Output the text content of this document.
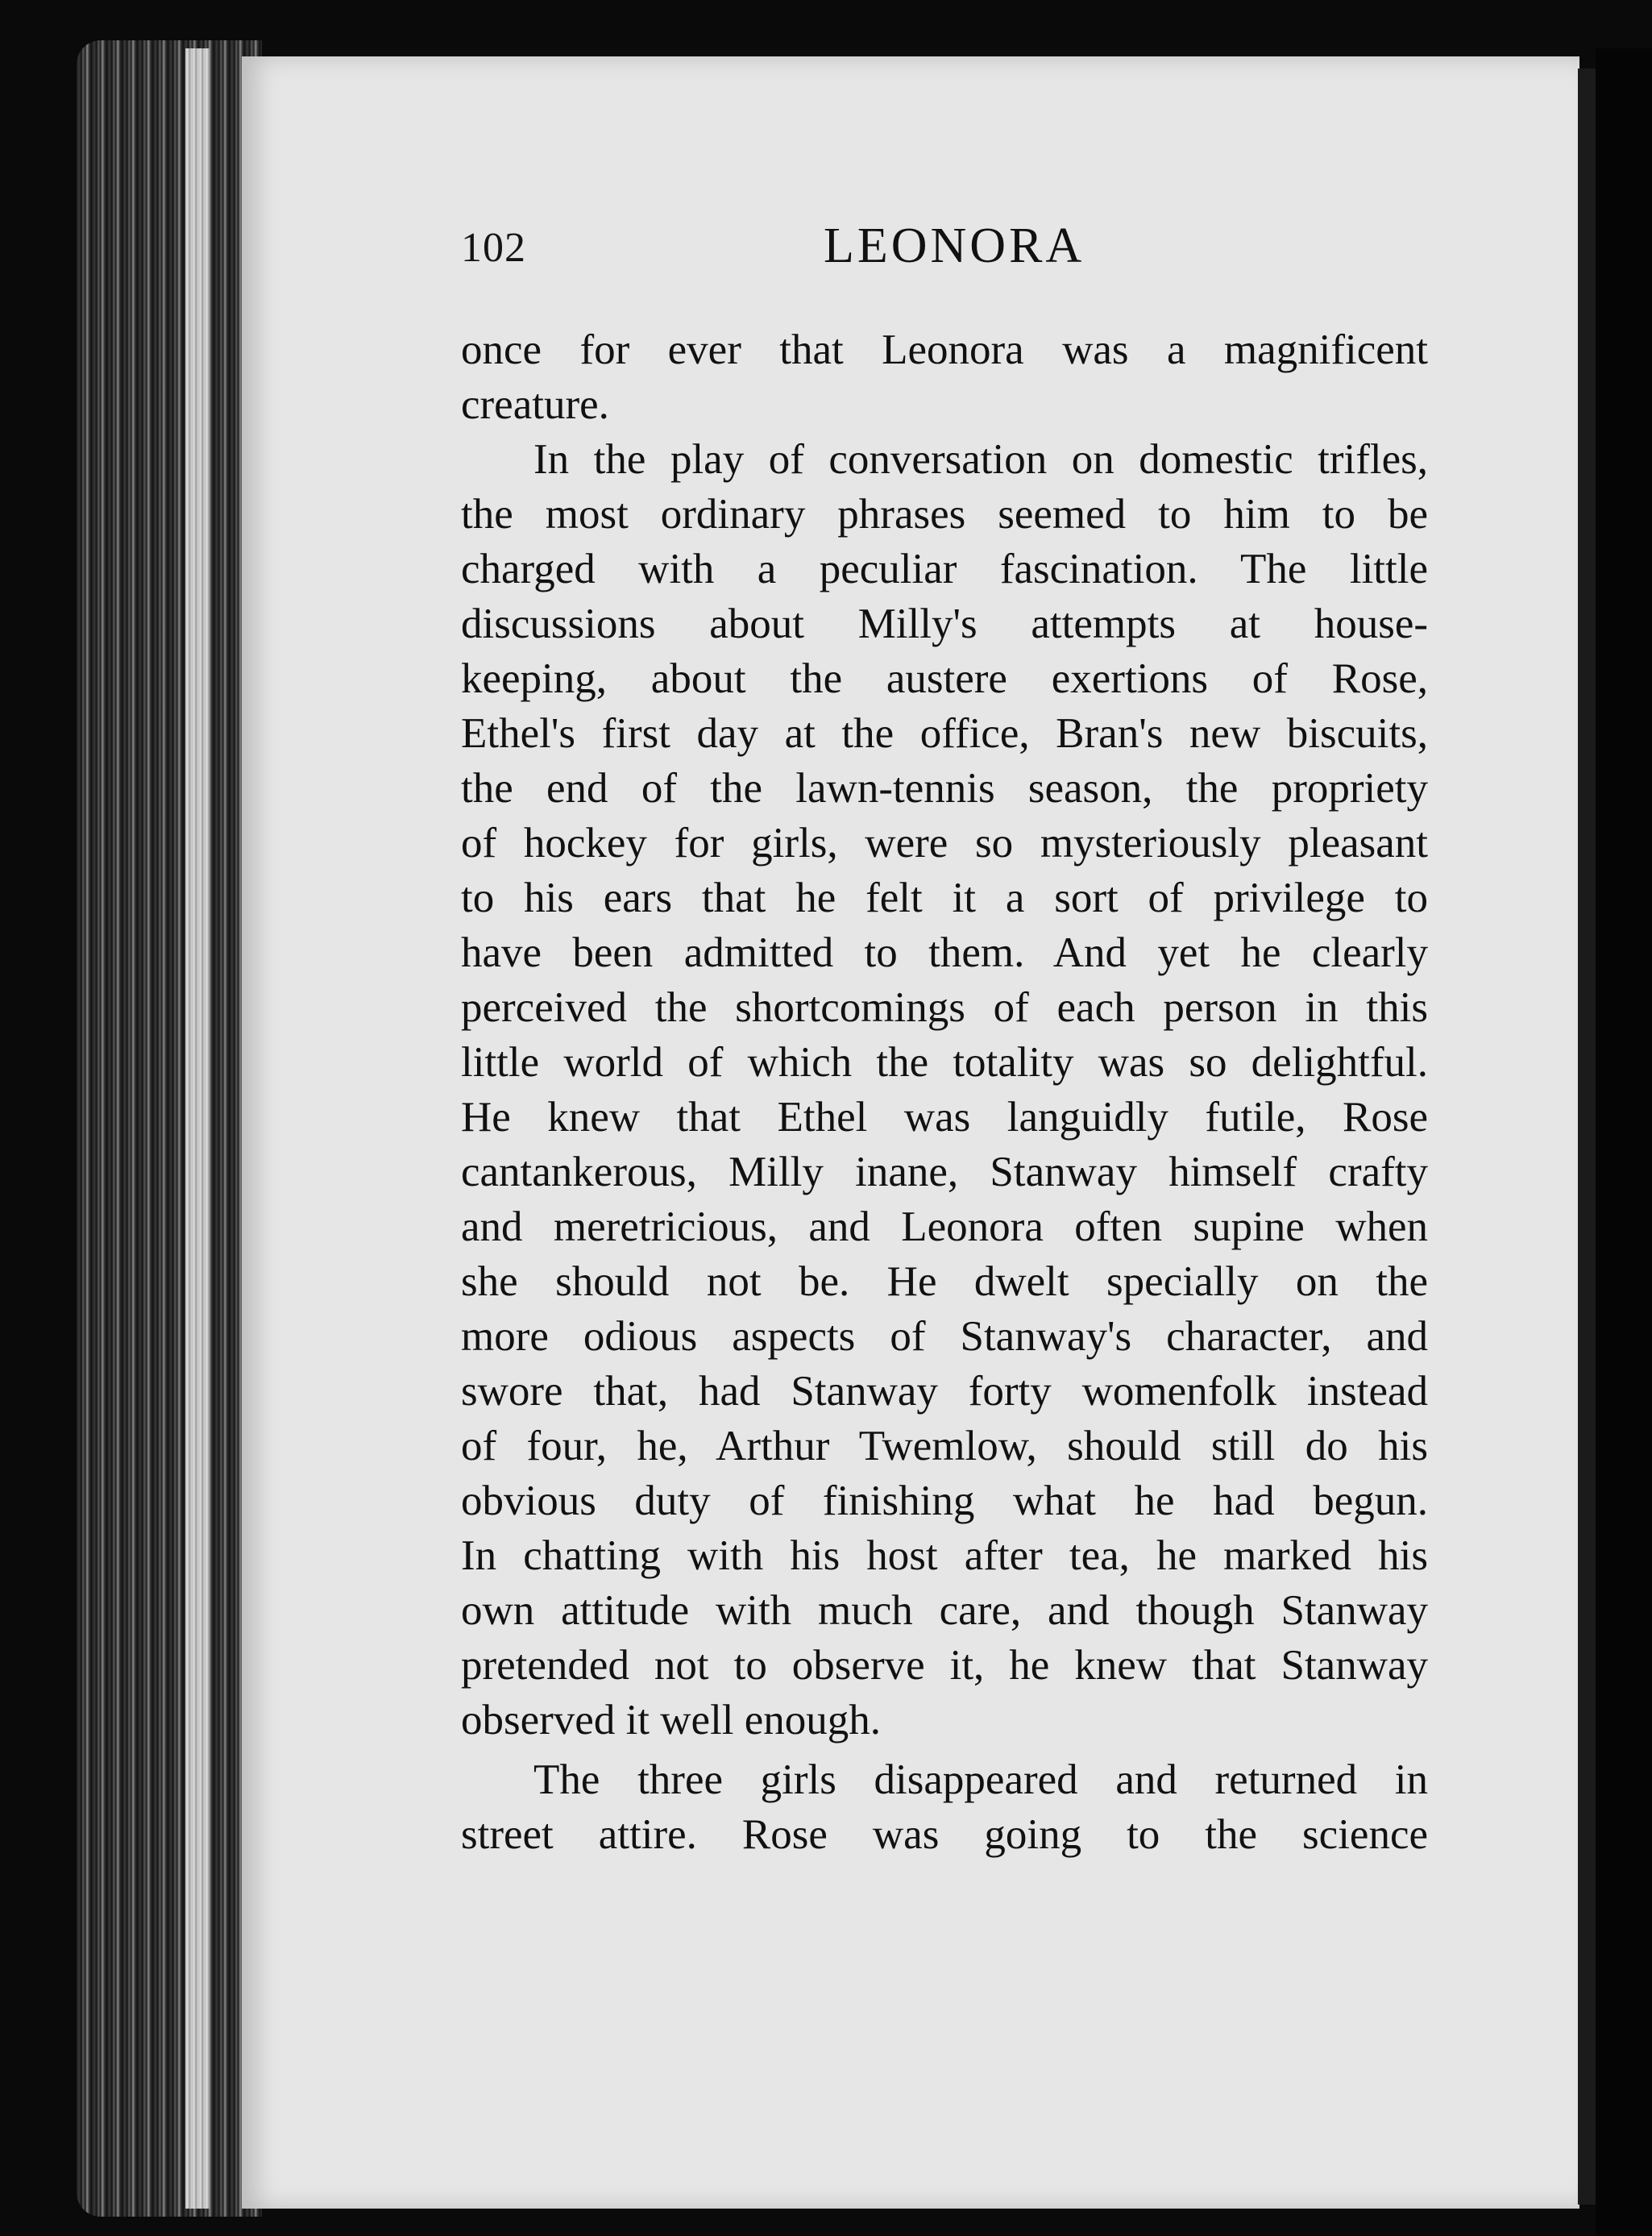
102	LEONORA
once for ever that Leonora was a magnificent
creature.
In the play of conversation on domestic trifles,
the most ordinary phrases seemed to him to be
charged with a peculiar fascination. The little
discussions about Milly's attempts at house-
keeping, about the austere exertions of Rose,
Ethel's first day at the office, Bran's new biscuits,
the end of the lawn-tennis season, the propriety
of hockey for girls, were so mysteriously pleasant
to his ears that he felt it a sort of privilege to
have been admitted to them. And yet he clearly
perceived the shortcomings of each person in this
little world of which the totality was so delightful.
He knew that Ethel was languidly futile, Rose
cantankerous, Milly inane, Stanway himself crafty
and meretricious, and Leonora often supine when
she should not be. He dwelt specially on the
more odious aspects of Stanway's character, and
swore that, had Stanway forty womenfolk instead
of four, he, Arthur Twemlow, should still do his
obvious duty of finishing what he had begun.
In chatting with his host after tea, he marked his
own attitude with much care, and though Stanway
pretended not to observe it, he knew that Stanway
observed it well enough.
The three girls disappeared and returned in
street attire. Rose was going to the science
